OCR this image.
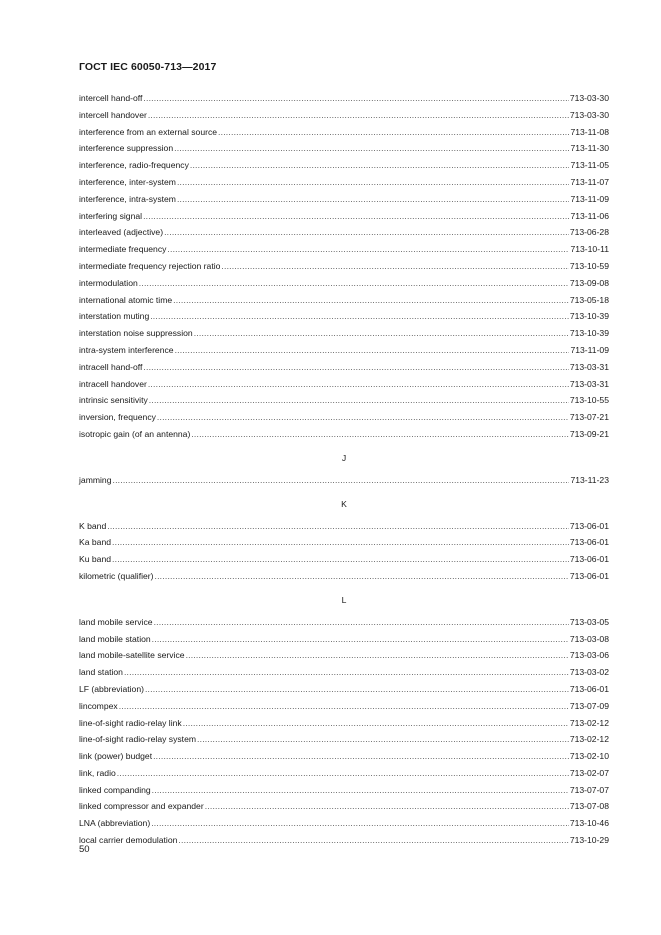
ГОСТ IEC 60050-713—2017
intercell hand-off .....	713-03-30
intercell handover .....	713-03-30
interference from an external source .....	713-11-08
interference suppression .....	713-11-30
interference, radio-frequency .....	713-11-05
interference, inter-system .....	713-11-07
interference, intra-system .....	713-11-09
interfering signal .....	713-11-06
interleaved (adjective) .....	713-06-28
intermediate frequency .....	713-10-11
intermediate frequency rejection ratio .....	713-10-59
intermodulation .....	713-09-08
international atomic time .....	713-05-18
interstation muting .....	713-10-39
interstation noise suppression .....	713-10-39
intra-system interference .....	713-11-09
intracell hand-off .....	713-03-31
intracell handover .....	713-03-31
intrinsic sensitivity .....	713-10-55
inversion, frequency .....	713-07-21
isotropic gain (of an antenna) .....	713-09-21
J
jamming .....	713-11-23
K
K band .....	713-06-01
Ka band .....	713-06-01
Ku band .....	713-06-01
kilometric (qualifier) .....	713-06-01
L
land mobile service .....	713-03-05
land mobile station .....	713-03-08
land mobile-satellite service .....	713-03-06
land station .....	713-03-02
LF (abbreviation) .....	713-06-01
lincompex .....	713-07-09
line-of-sight radio-relay link .....	713-02-12
line-of-sight radio-relay system .....	713-02-12
link (power) budget .....	713-02-10
link, radio .....	713-02-07
linked companding .....	713-07-07
linked compressor and expander .....	713-07-08
LNA (abbreviation) .....	713-10-46
local carrier demodulation .....	713-10-29
50
